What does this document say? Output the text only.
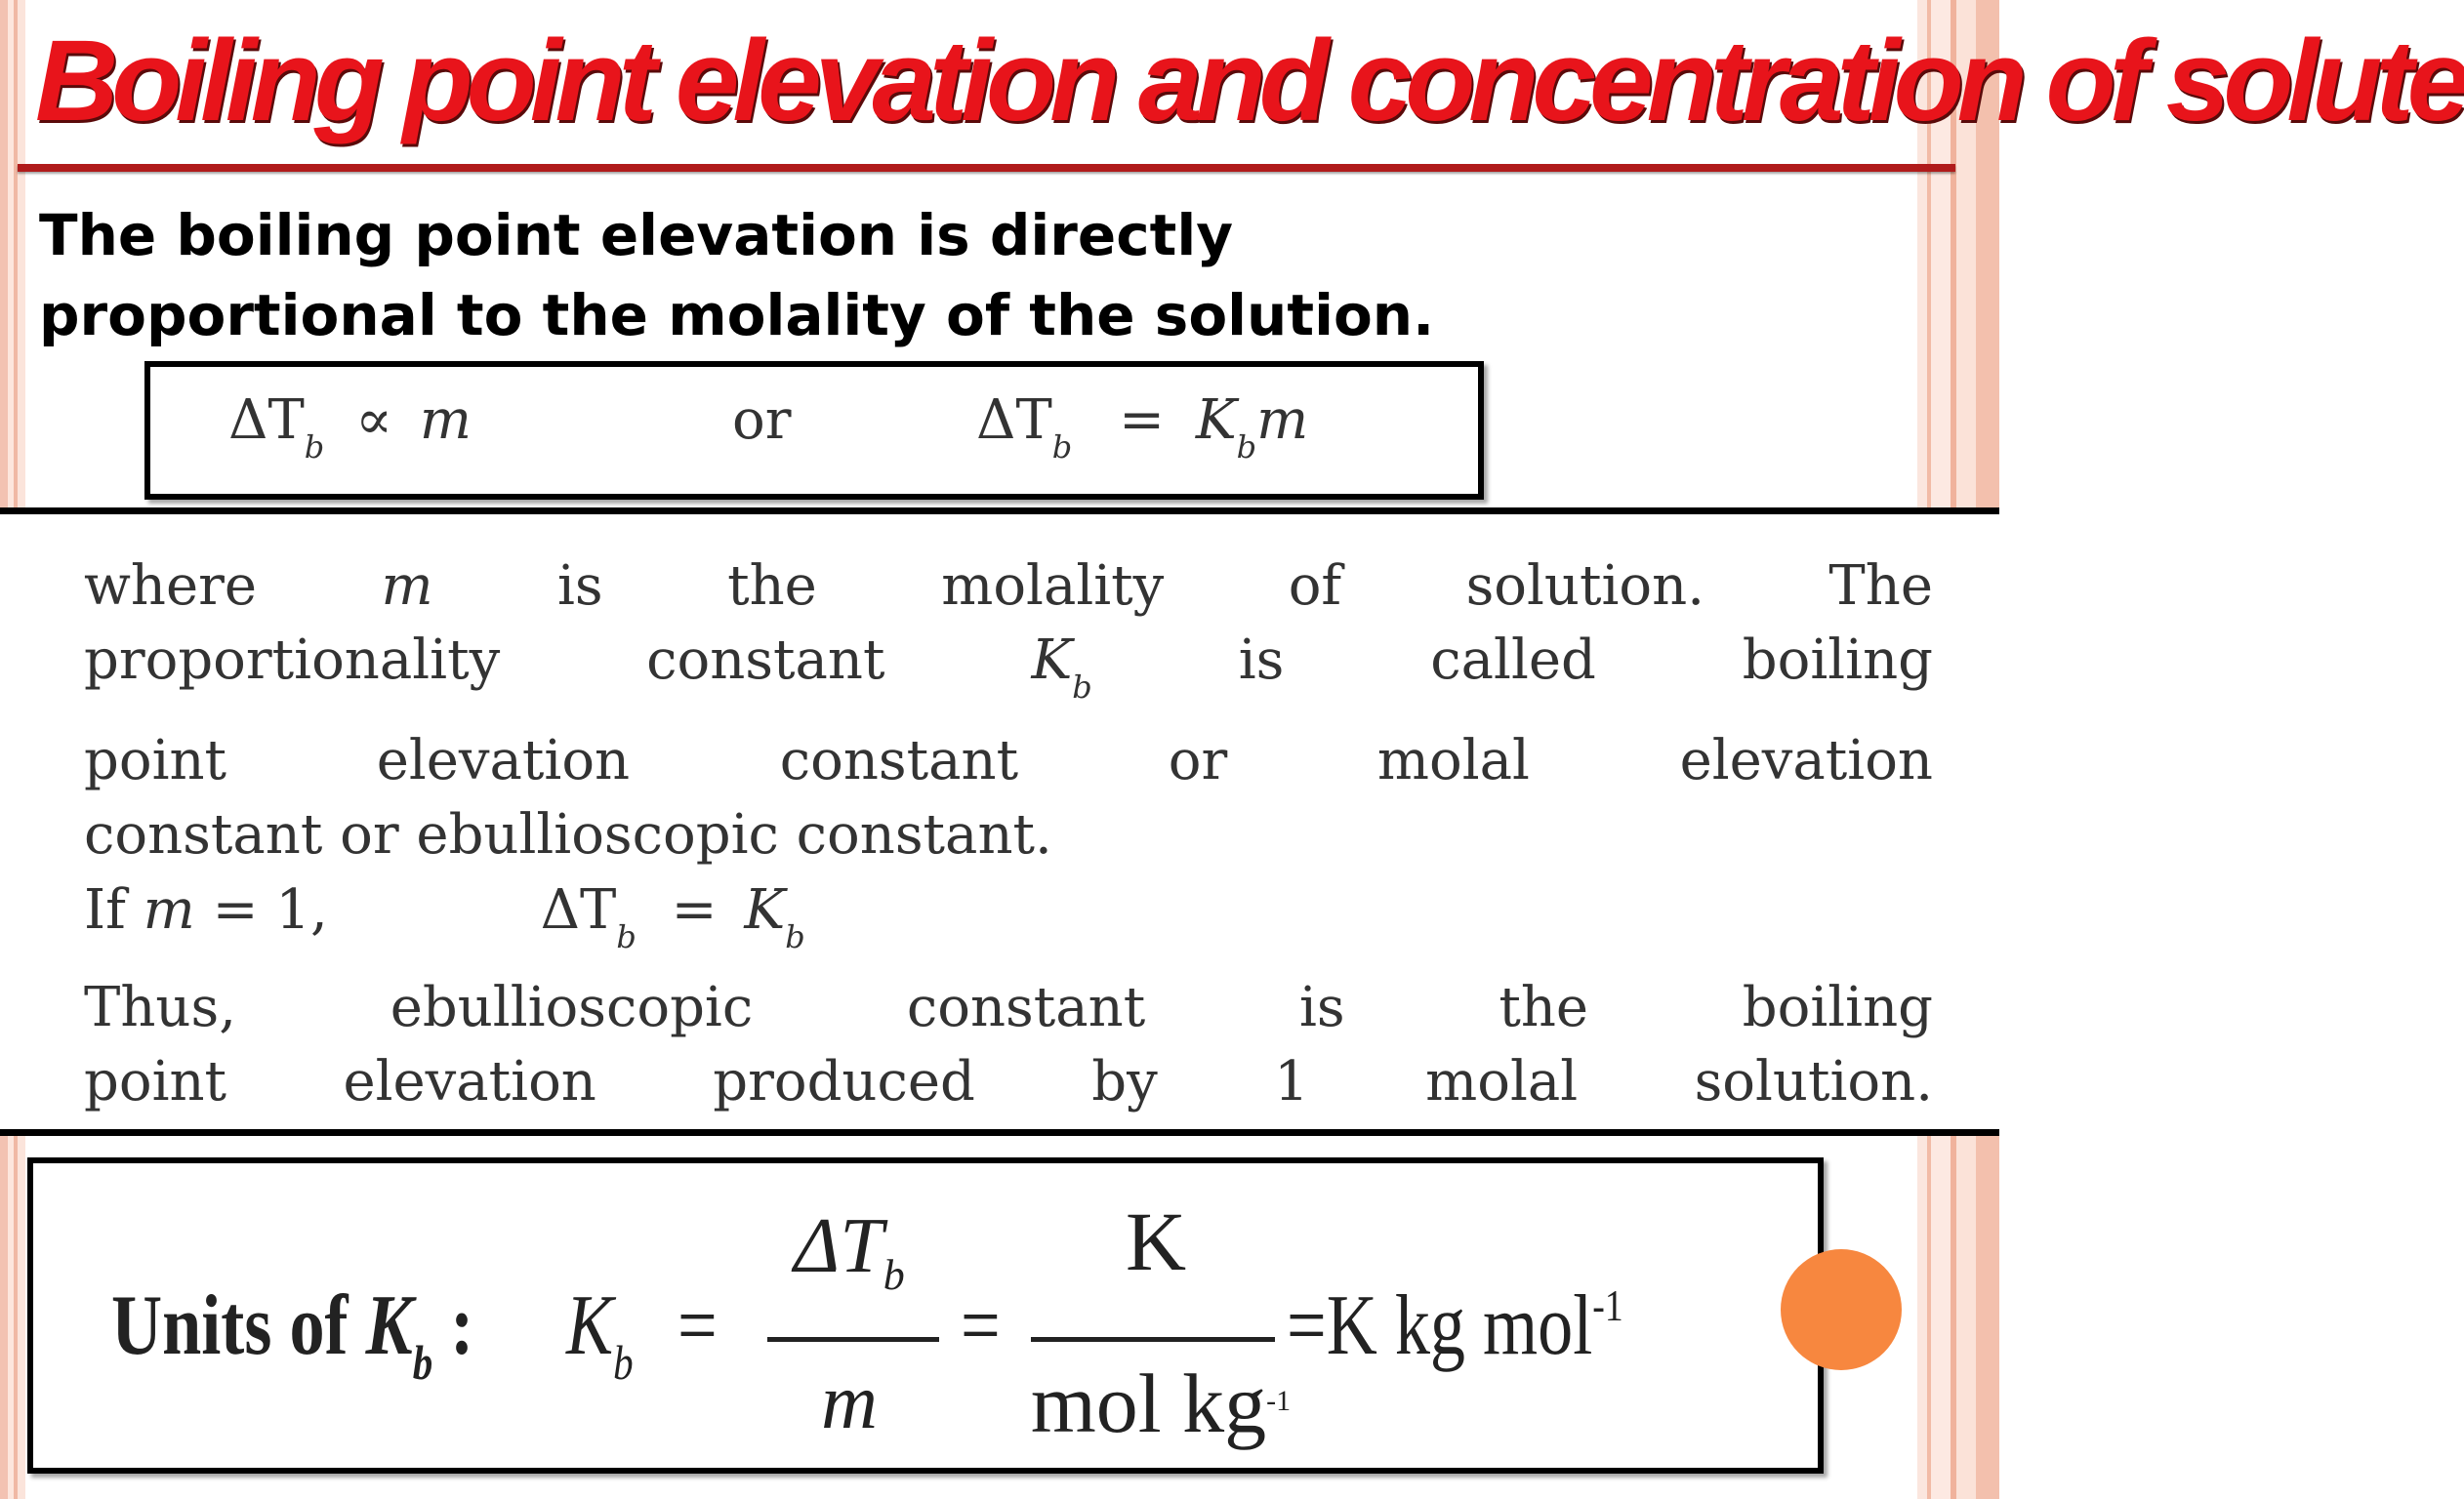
Boiling point elevation and concentration of solute
The boiling point elevation is directly
proportional to the molality of the solution.
$\Delta T_b \propto m$	or	$\Delta T_b = K_bm$
where m is the molality of solution. The
proportionality constant	$K_b$	is called boiling
point elevation constant or molal elevation
constant or ebullioscopic constant.
If m = 1,	$\Delta T_b = K_b$
Thus, ebullioscopic constant is the boiling
point elevation produced by 1 molal solution.
Units of $K_b$ : $K_b$ =
$\Delta T_b$
m
=
K
mol $kg^{-1}$
=K kg mol$^{-1}$
